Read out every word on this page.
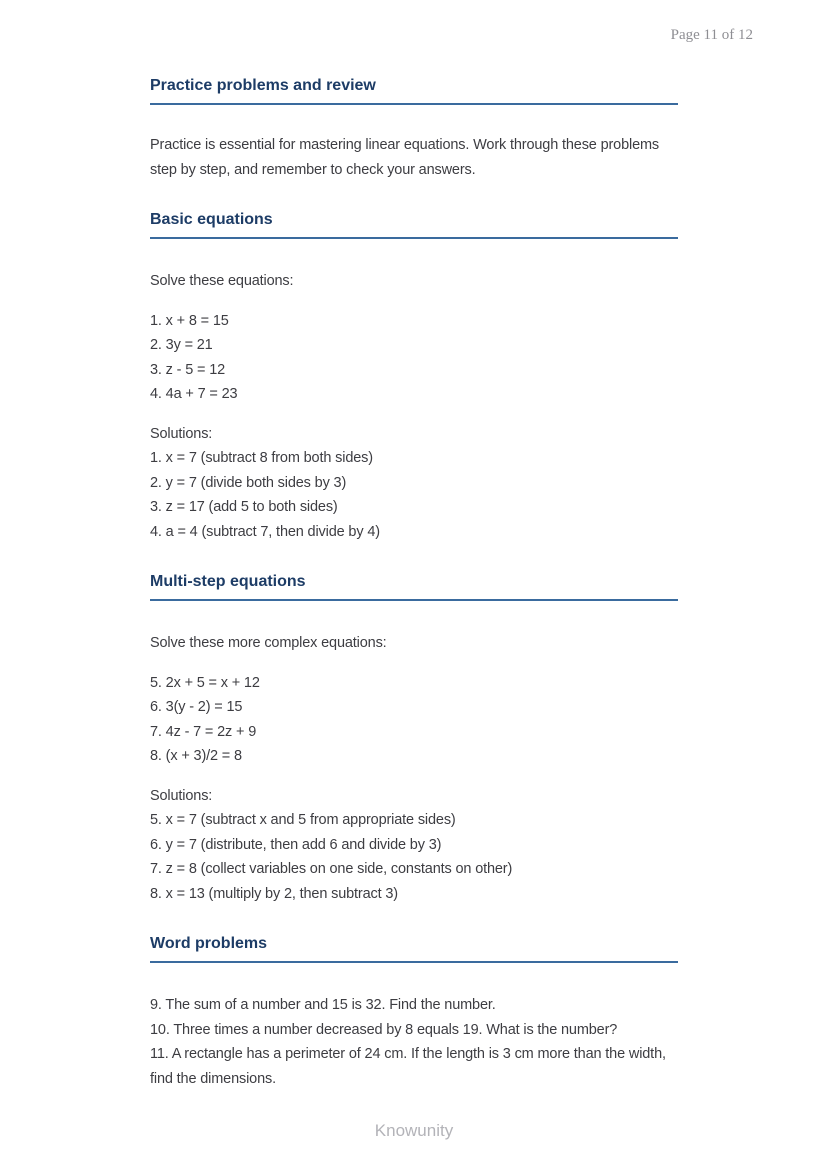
Page 11 of 12
Practice problems and review
Practice is essential for mastering linear equations. Work through these problems step by step, and remember to check your answers.
Basic equations
Solve these equations:
1. x + 8 = 15
2. 3y = 21
3. z - 5 = 12
4. 4a + 7 = 23
Solutions:
1. x = 7 (subtract 8 from both sides)
2. y = 7 (divide both sides by 3)
3. z = 17 (add 5 to both sides)
4. a = 4 (subtract 7, then divide by 4)
Multi-step equations
Solve these more complex equations:
5. 2x + 5 = x + 12
6. 3(y - 2) = 15
7. 4z - 7 = 2z + 9
8. (x + 3)/2 = 8
Solutions:
5. x = 7 (subtract x and 5 from appropriate sides)
6. y = 7 (distribute, then add 6 and divide by 3)
7. z = 8 (collect variables on one side, constants on other)
8. x = 13 (multiply by 2, then subtract 3)
Word problems
9. The sum of a number and 15 is 32. Find the number.
10. Three times a number decreased by 8 equals 19. What is the number?
11. A rectangle has a perimeter of 24 cm. If the length is 3 cm more than the width, find the dimensions.
Knowunity
